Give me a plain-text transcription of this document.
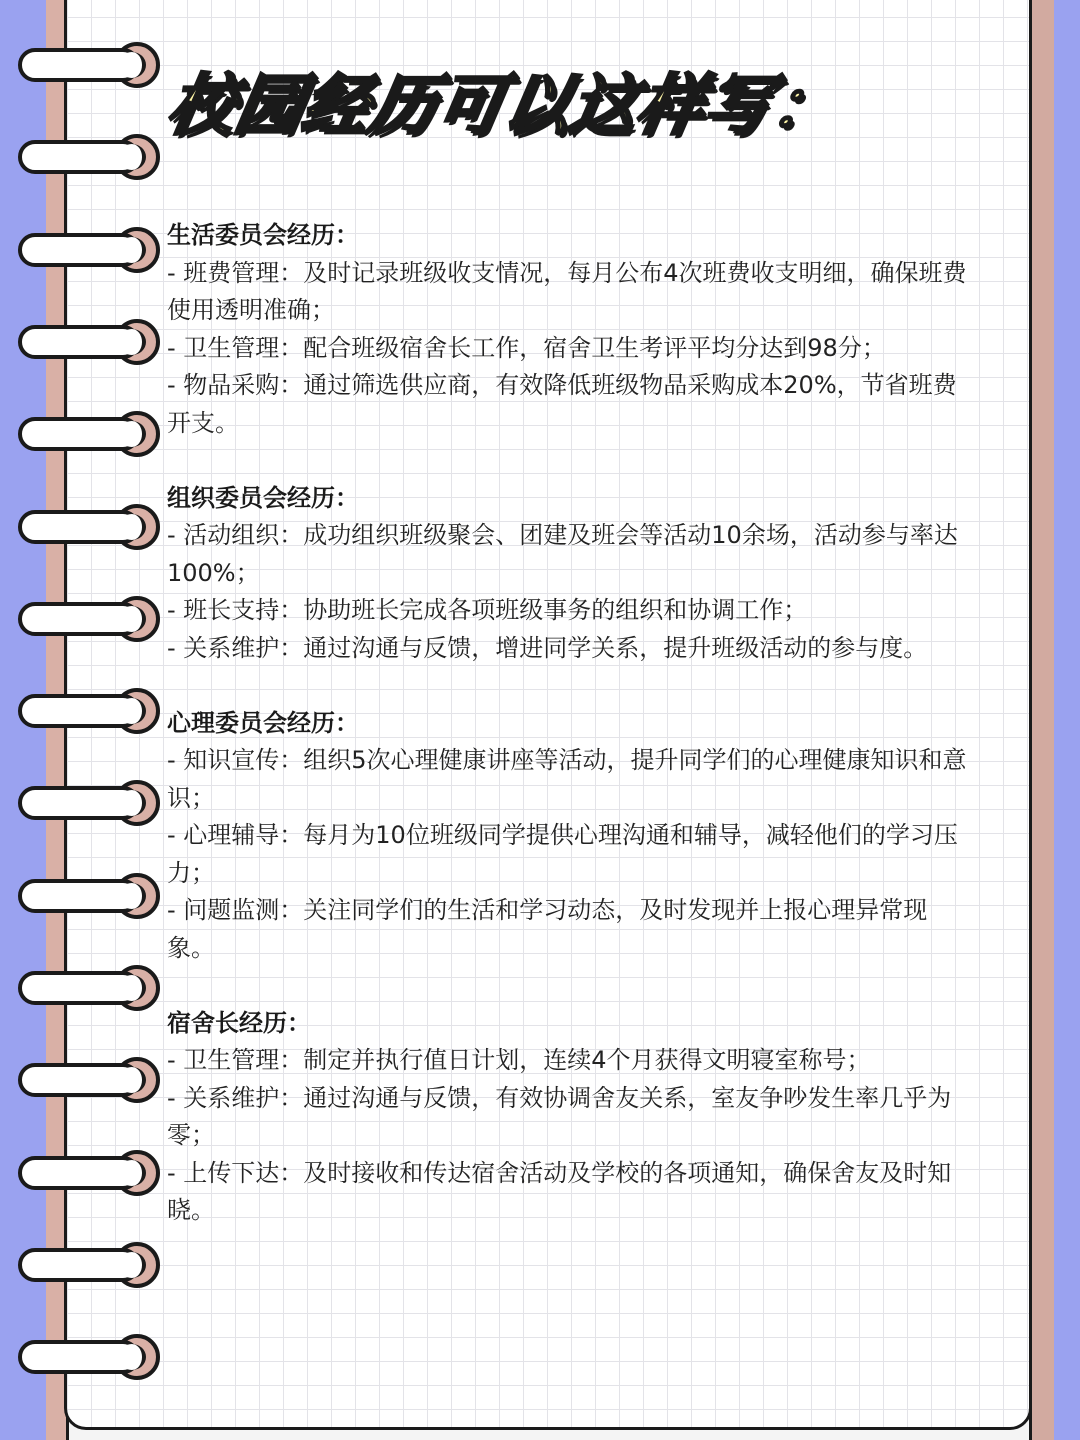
校园经历可以这样写：
生活委员会经历：

- 班费管理：及时记录班级收支情况，每月公布4次班费收支明细，确保班费使用透明准确；

- 卫生管理：配合班级宿舍长工作，宿舍卫生考评平均分达到98分；

- 物品采购：通过筛选供应商，有效降低班级物品采购成本20%，节省班费开支。

组织委员会经历：

- 活动组织：成功组织班级聚会、团建及班会等活动10余场，活动参与率达100%；

- 班长支持：协助班长完成各项班级事务的组织和协调工作；

- 关系维护：通过沟通与反馈，增进同学关系，提升班级活动的参与度。

心理委员会经历：

- 知识宣传：组织5次心理健康讲座等活动，提升同学们的心理健康知识和意识；

- 心理辅导：每月为10位班级同学提供心理沟通和辅导，减轻他们的学习压力；

- 问题监测：关注同学们的生活和学习动态，及时发现并上报心理异常现象。

宿舍长经历：

- 卫生管理：制定并执行值日计划，连续4个月获得文明寝室称号；

- 关系维护：通过沟通与反馈，有效协调舍友关系，室友争吵发生率几乎为零；

- 上传下达：及时接收和传达宿舍活动及学校的各项通知，确保舍友及时知晓。
